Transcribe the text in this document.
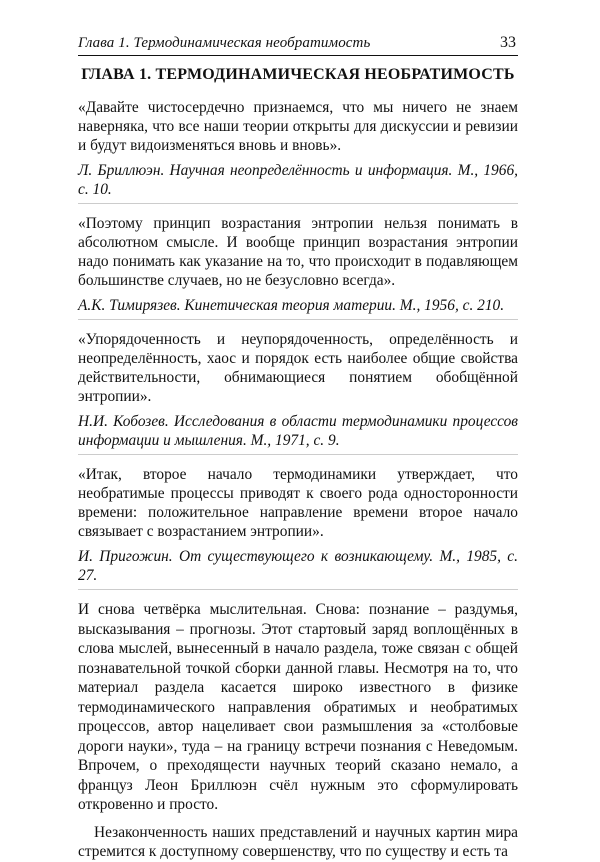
Глава 1. Термодинамическая необратимость	33
ГЛАВА 1. ТЕРМОДИНАМИЧЕСКАЯ НЕОБРАТИМОСТЬ

«Давайте чистосердечно признаемся, что мы ничего не знаем наверняка, что все наши теории открыты для дискуссии и ревизии и будут видоизменяться вновь и вновь».

Л. Бриллюэн. Научная неопределённость и информация. М., 1966, с. 10.

«Поэтому принцип возрастания энтропии нельзя понимать в абсолютном смысле. И вообще принцип возрастания энтропии надо понимать как указание на то, что происходит в подавляющем большинстве случаев, но не безусловно всегда».

А.К. Тимирязев. Кинетическая теория материи. М., 1956, с. 210.

«Упорядоченность и неупорядоченность, определённость и неопределённость, хаос и порядок есть наиболее общие свойства действительности, обнимающиеся понятием обобщённой энтропии».

Н.И. Кобозев. Исследования в области термодинамики процессов информации и мышления. М., 1971, с. 9.

«Итак, второе начало термодинамики утверждает, что необратимые процессы приводят к своего рода односторонности времени: положительное направление времени второе начало связывает с возрастанием энтропии».

И. Пригожин. От существующего к возникающему. М., 1985, с. 27.

И снова четвёрка мыслительная. Снова: познание – раздумья, высказывания – прогнозы. Этот стартовый заряд воплощённых в слова мыслей, вынесенный в начало раздела, тоже связан с общей познавательной точкой сборки данной главы. Несмотря на то, что материал раздела касается широко известного в физике термодинамического направления обратимых и необратимых процессов, автор нацеливает свои размышления за «столбовые дороги науки», туда – на границу встречи познания с Неведомым. Впрочем, о преходящести научных теорий сказано немало, а француз Леон Бриллюэн счёл нужным это сформулировать откровенно и просто.

Незаконченность наших представлений и научных картин мира стремится к доступному совершенству, что по существу и есть та
